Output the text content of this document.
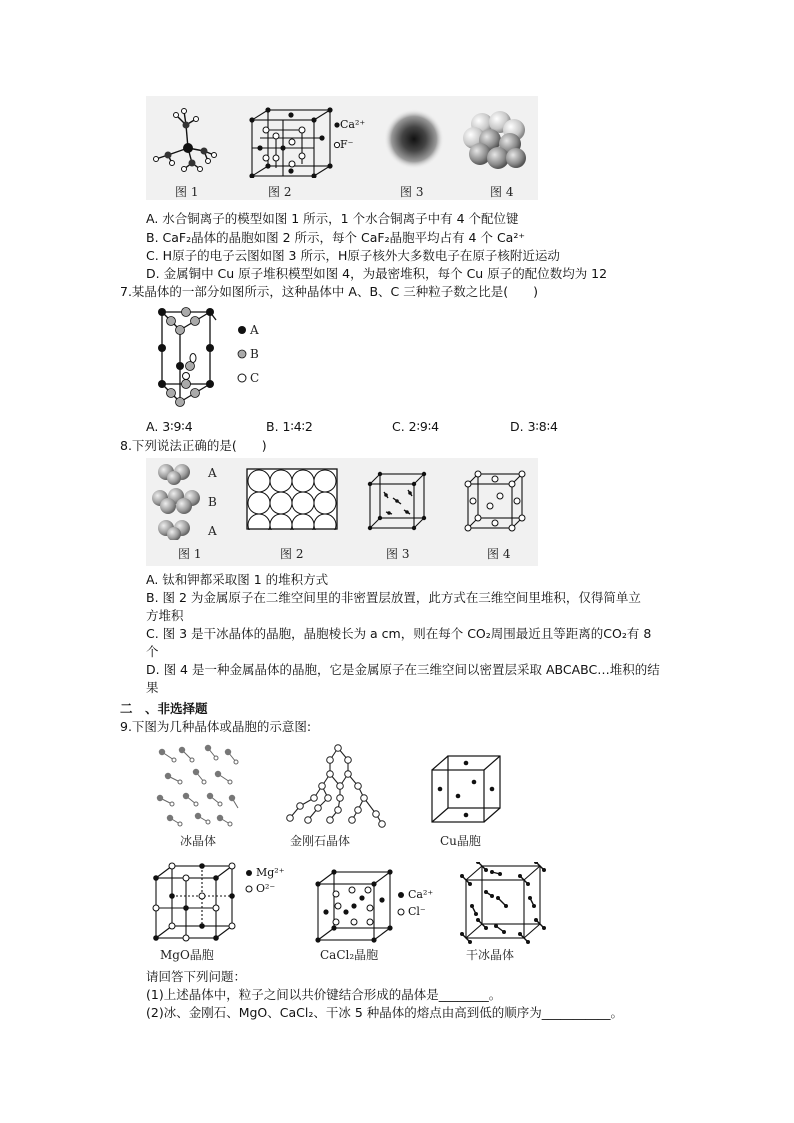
Ca²⁺
F⁻
图 1	图 2	图 3	图 4
A. 水合铜离子的模型如图 1 所示，1 个水合铜离子中有 4 个配位键
B. CaF₂晶体的晶胞如图 2 所示，每个 CaF₂晶胞平均占有 4 个 Ca²⁺
C. H原子的电子云图如图 3 所示，H原子核外大多数电子在原子核附近运动
D. 金属铜中 Cu 原子堆积模型如图 4，为最密堆积，每个 Cu 原子的配位数均为 12
7.某晶体的一部分如图所示，这种晶体中 A、B、C 三种粒子数之比是(　　)
A
B
C
A. 3∶9∶4	B. 1∶4∶2	C. 2∶9∶4	D. 3∶8∶4
8.下列说法正确的是(　　)
A
B
A
图 1	图 2	图 3	图 4
A. 钛和钾都采取图 1 的堆积方式
B. 图 2 为金属原子在二维空间里的非密置层放置，此方式在三维空间里堆积，仅得简单立
方堆积
C. 图 3 是干冰晶体的晶胞，晶胞棱长为 a cm，则在每个 CO₂周围最近且等距离的CO₂有 8
个
D. 图 4 是一种金属晶体的晶胞，它是金属原子在三维空间以密置层采取 ABCABC…堆积的结
果
二　、非选择题
9.下图为几种晶体或晶胞的示意图:
冰晶体	金刚石晶体	Cu晶胞
Mg²⁺
O²⁻	Ca²⁺
Cl⁻
MgO晶胞	CaCl₂晶胞	干冰晶体
请回答下列问题：
(1)上述晶体中，粒子之间以共价键结合形成的晶体是________。
(2)冰、金刚石、MgO、CaCl₂、干冰 5 种晶体的熔点由高到低的顺序为___________。
